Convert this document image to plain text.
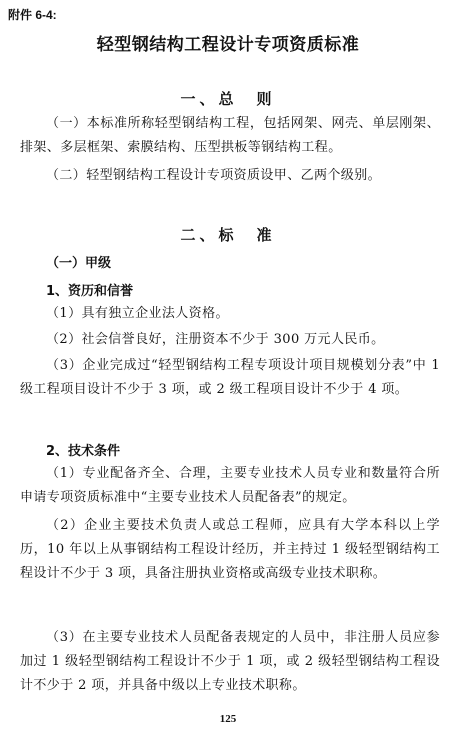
附件 6-4:
轻型钢结构工程设计专项资质标准
一、总　则

（一）本标准所称轻型钢结构工程，包括网架、网壳、单层刚架、排架、多层框架、索膜结构、压型拱板等钢结构工程。

（二）轻型钢结构工程设计专项资质设甲、乙两个级别。

二、标　准
（一）甲级
1、资历和信誉

（1）具有独立企业法人资格。

（2）社会信誉良好，注册资本不少于 300 万元人民币。

（3）企业完成过“轻型钢结构工程专项设计项目规模划分表”中 1 级工程项目设计不少于 3 项，或 2 级工程项目设计不少于 4 项。

2、技术条件

（1）专业配备齐全、合理，主要专业技术人员专业和数量符合所申请专项资质标准中“主要专业技术人员配备表”的规定。

（2）企业主要技术负责人或总工程师，应具有大学本科以上学历，10 年以上从事钢结构工程设计经历，并主持过 1 级轻型钢结构工程设计不少于 3 项，具备注册执业资格或高级专业技术职称。

（3）在主要专业技术人员配备表规定的人员中，非注册人员应参加过 1 级轻型钢结构工程设计不少于 1 项，或 2 级轻型钢结构工程设计不少于 2 项，并具备中级以上专业技术职称。

125
